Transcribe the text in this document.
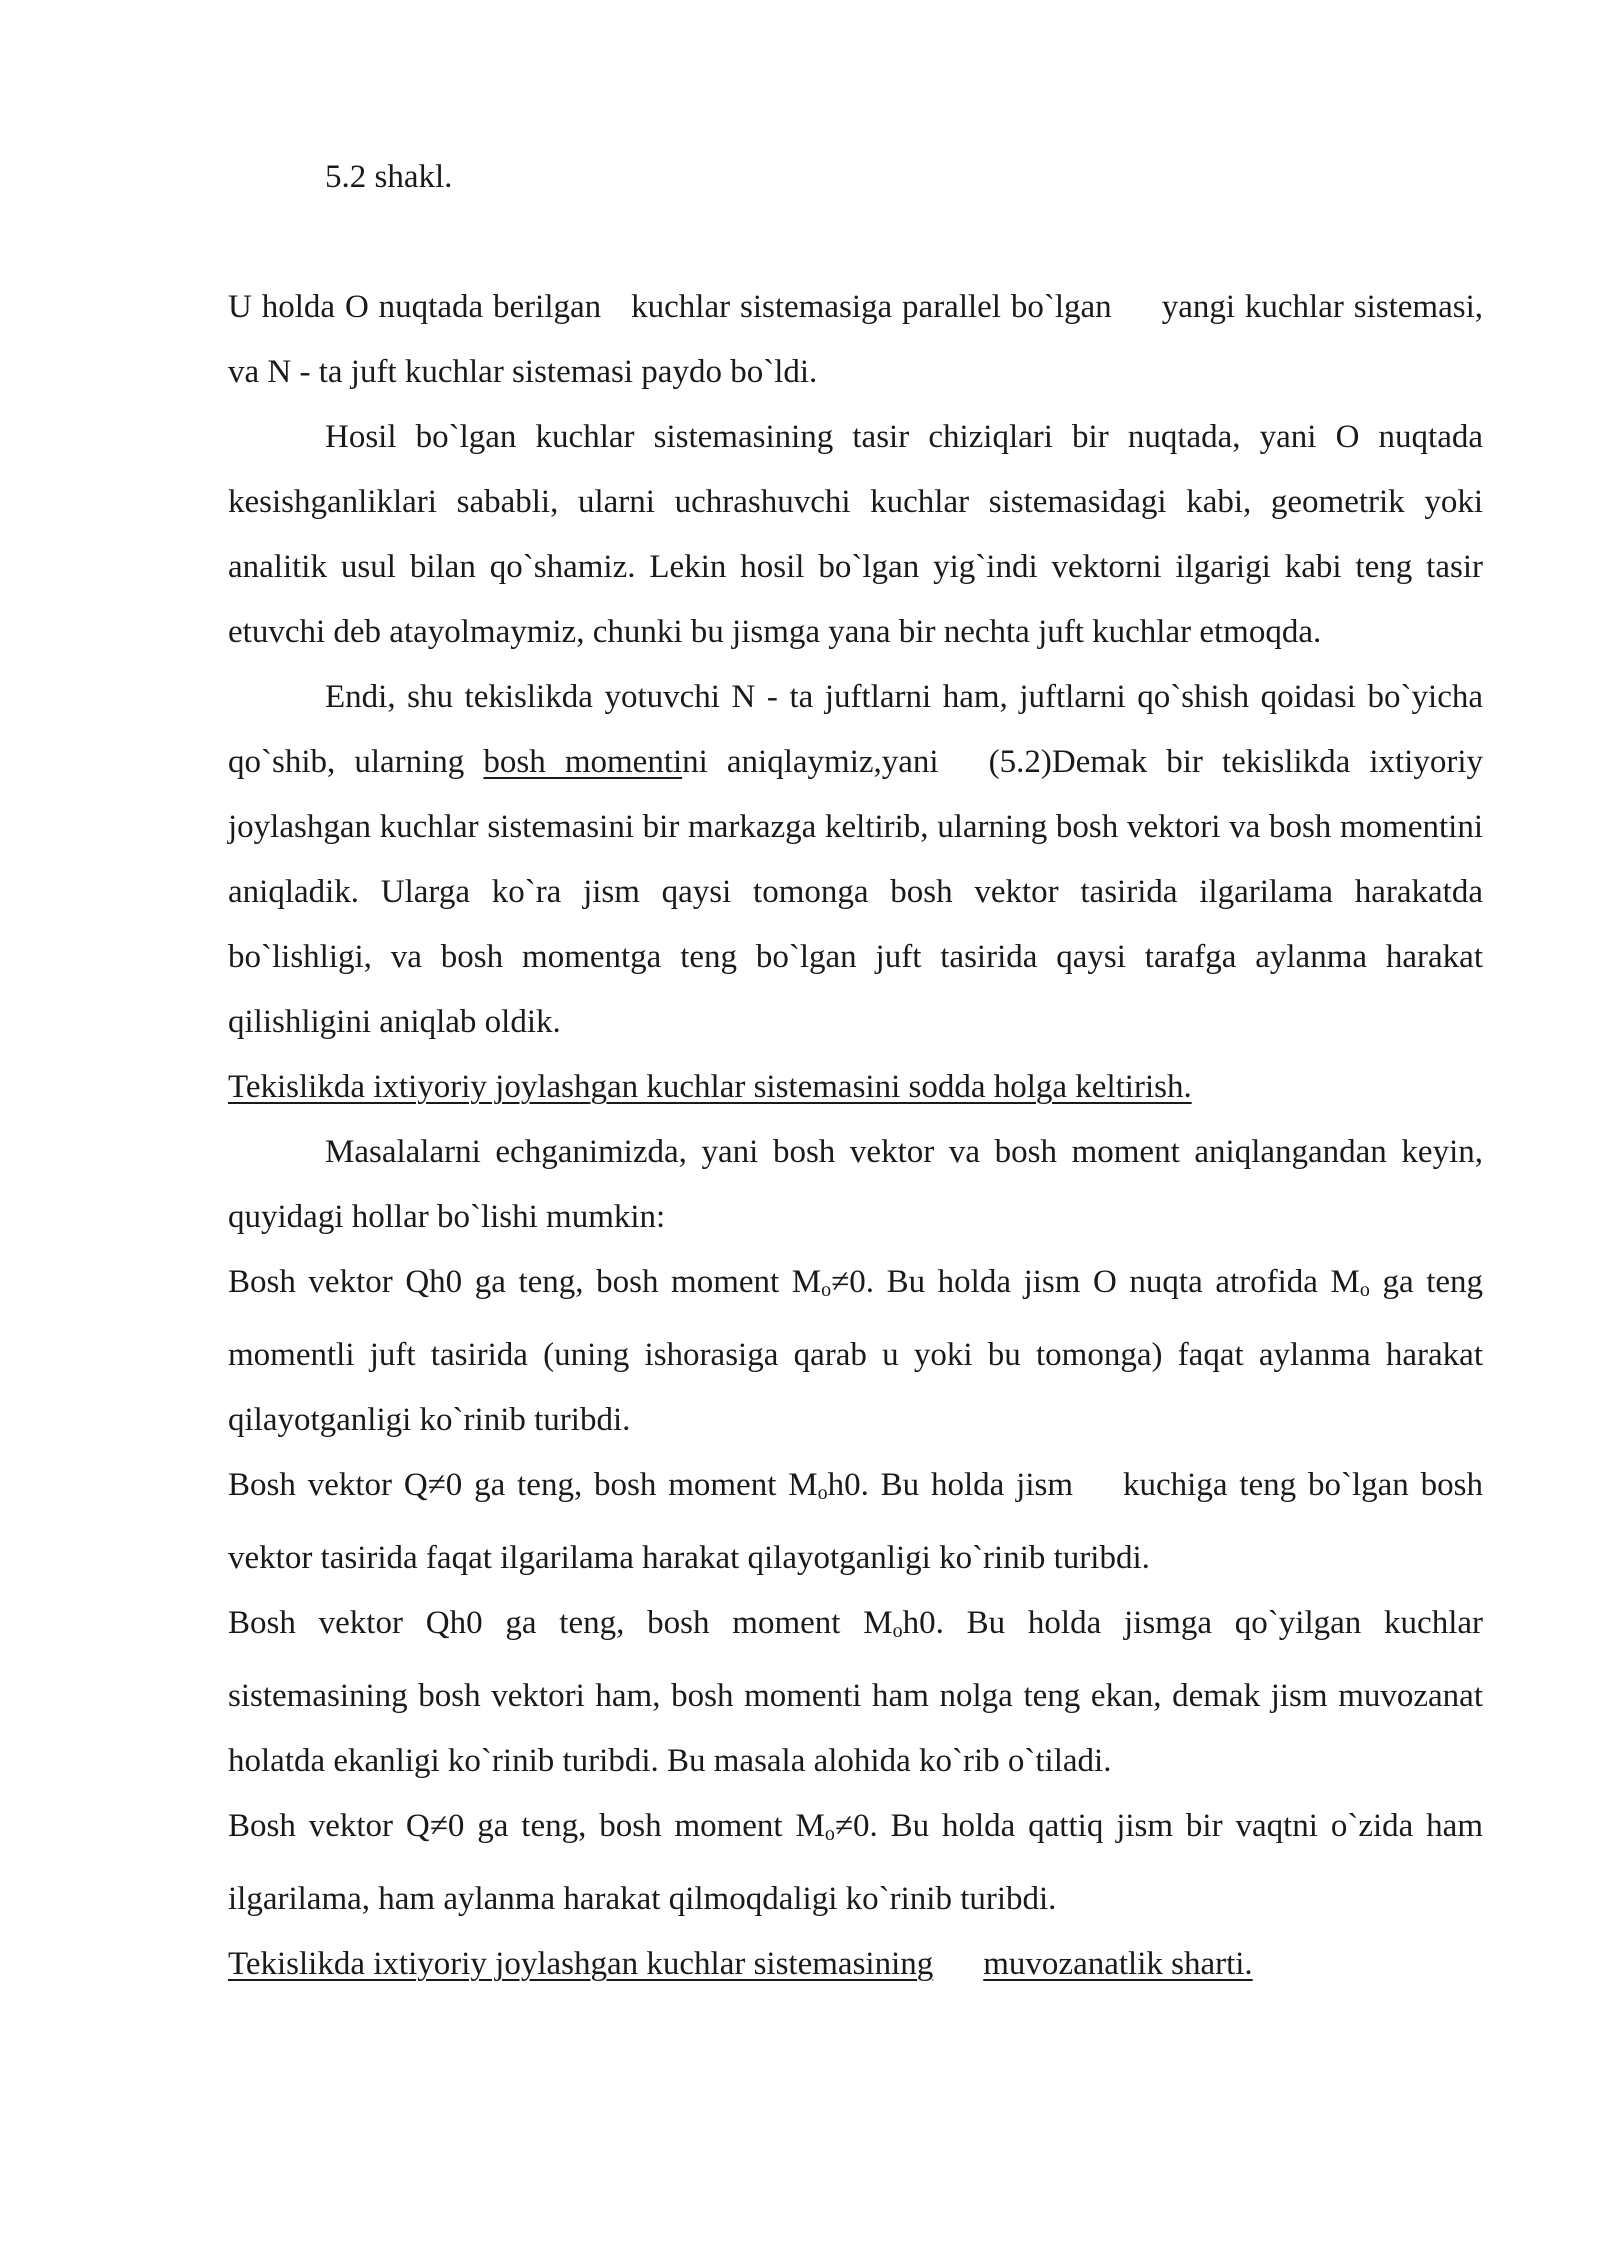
5.2 shakl.

U holda O nuqtada berilgan kuchlar sistemasiga parallel bo`lgan yangi kuchlar sistemasi, va N - ta juft kuchlar sistemasi paydo bo`ldi.

Hosil bo`lgan kuchlar sistemasining tasir chiziqlari bir nuqtada, yani O nuqtada kesishganliklari sababli, ularni uchrashuvchi kuchlar sistemasidagi kabi, geometrik yoki analitik usul bilan qo`shamiz. Lekin hosil bo`lgan yig`indi vektorni ilgarigi kabi teng tasir etuvchi deb atayolmaymiz, chunki bu jismga yana bir nechta juft kuchlar etmoqda.

Endi, shu tekislikda yotuvchi N - ta juftlarni ham, juftlarni qo`shish qoidasi bo`yicha qo`shib, ularning bosh momentini aniqlaymiz,yani (5.2)Demak bir tekislikda ixtiyoriy joylashgan kuchlar sistemasini bir markazga keltirib, ularning bosh vektori va bosh momentini aniqladik. Ularga ko`ra jism qaysi tomonga bosh vektor tasirida ilgarilama harakatda bo`lishligi, va bosh momentga teng bo`lgan juft tasirida qaysi tarafga aylanma harakat qilishligini aniqlab oldik.

Tekislikda ixtiyoriy joylashgan kuchlar sistemasini sodda holga keltirish.

Masalalarni echganimizda, yani bosh vektor va bosh moment aniqlangandan keyin, quyidagi hollar bo`lishi mumkin:

Bosh vektor Qh0 ga teng, bosh moment $M_o\ne 0$. Bu holda jism O nuqta atrofida $M_o$ ga teng momentli juft tasirida (uning ishorasiga qarab u yoki bu tomonga) faqat aylanma harakat qilayotganligi ko`rinib turibdi.

Bosh vektor Q≠0 ga teng, bosh moment $M_oh0$. Bu holda jism kuchiga teng bo`lgan bosh vektor tasirida faqat ilgarilama harakat qilayotganligi ko`rinib turibdi.

Bosh vektor Qh0 ga teng, bosh moment $M_oh0$. Bu holda jismga qo`yilgan kuchlar sistemasining bosh vektori ham, bosh momenti ham nolga teng ekan, demak jism muvozanat holatda ekanligi ko`rinib turibdi. Bu masala alohida ko`rib o`tiladi.

Bosh vektor Q≠0 ga teng, bosh moment $M_o\ne 0$. Bu holda qattiq jism bir vaqtni o`zida ham ilgarilama, ham aylanma harakat qilmoqdaligi ko`rinib turibdi.

Tekislikda ixtiyoriy joylashgan kuchlar sistemasining muvozanatlik sharti.
